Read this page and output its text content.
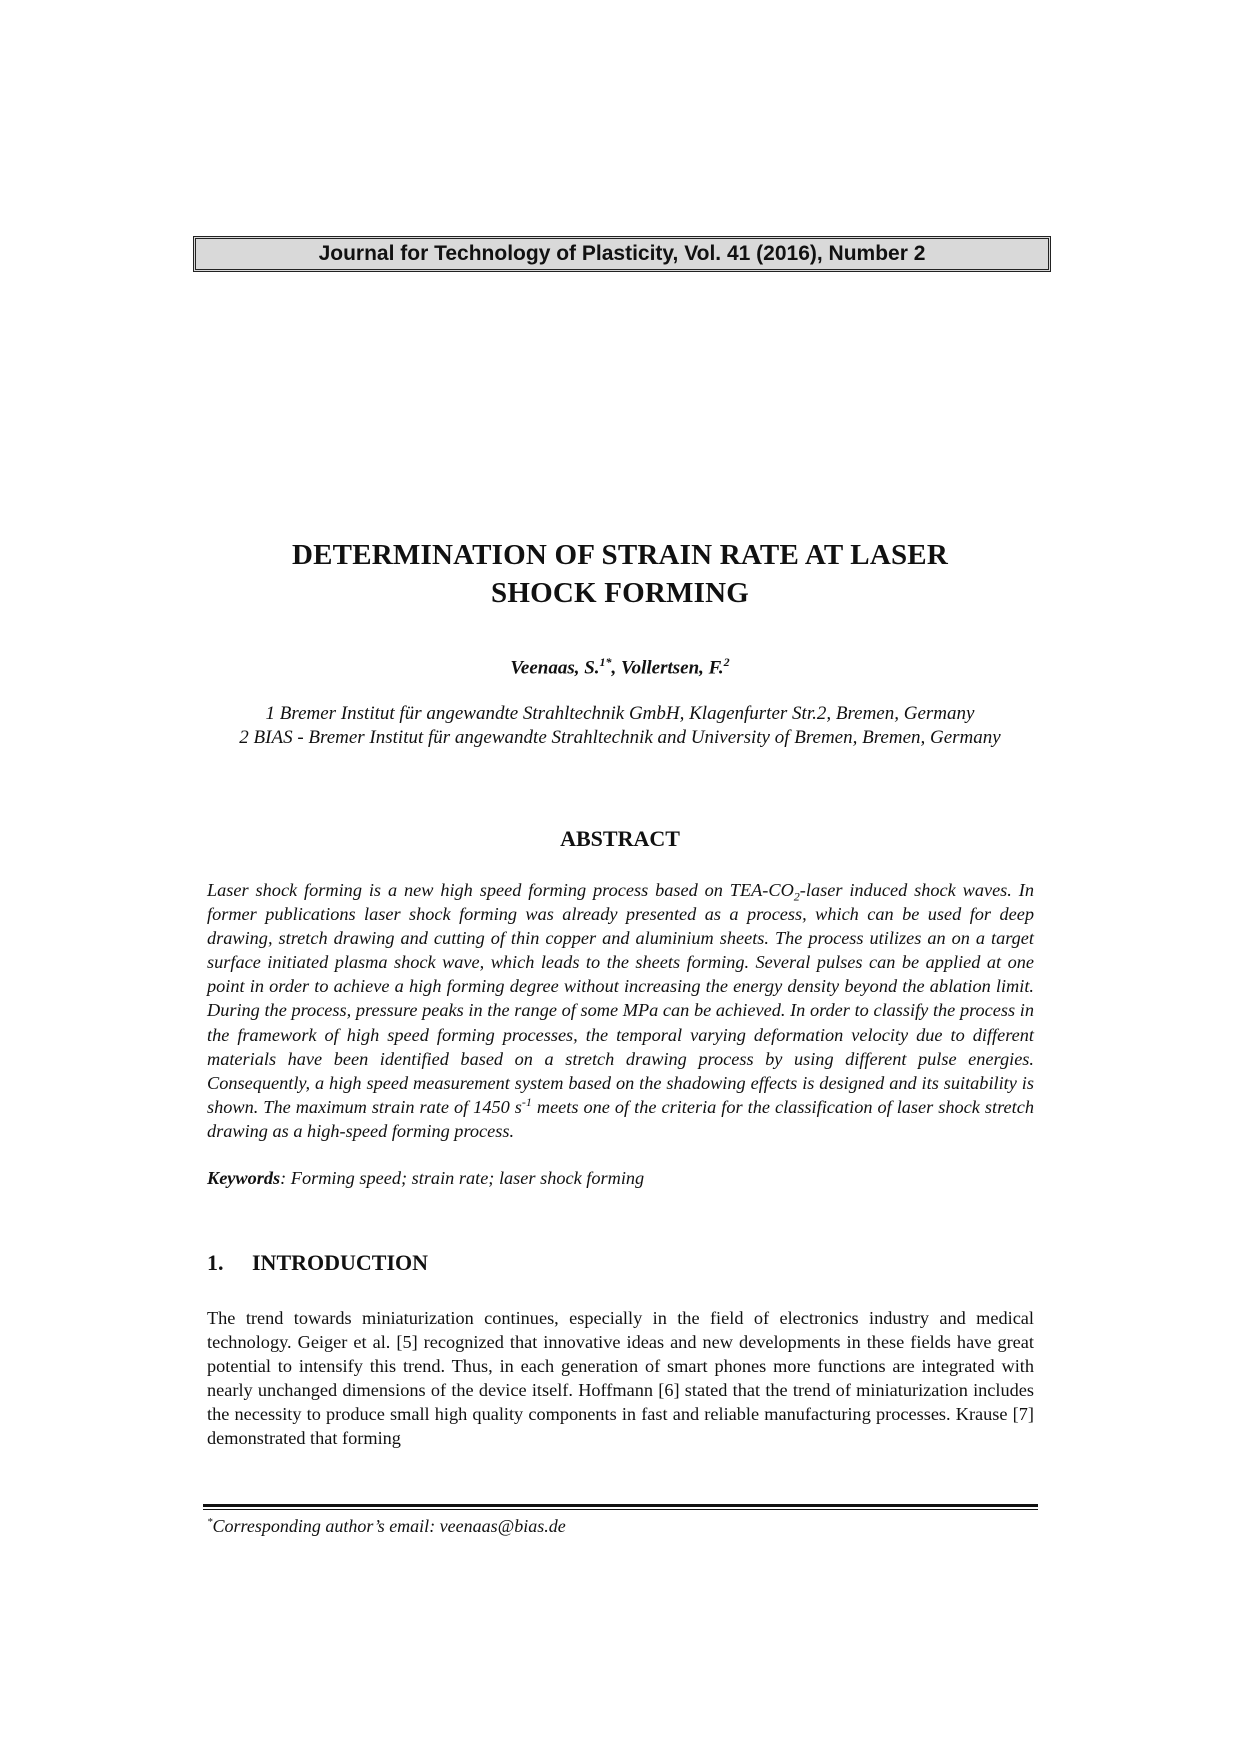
Journal for Technology of Plasticity, Vol. 41 (2016), Number 2
DETERMINATION OF STRAIN RATE AT LASER
SHOCK FORMING
Veenaas, S.$^{1*}$, Vollertsen, F.$^2$
1 Bremer Institut für angewandte Strahltechnik GmbH, Klagenfurter Str.2, Bremen, Germany
2 BIAS - Bremer Institut für angewandte Strahltechnik and University of Bremen, Bremen, Germany
ABSTRACT
Laser shock forming is a new high speed forming process based on TEA-$CO_2$-laser induced shock waves. In former publications laser shock forming was already presented as a process, which can be used for deep drawing, stretch drawing and cutting of thin copper and aluminium sheets. The process utilizes an on a target surface initiated plasma shock wave, which leads to the sheets forming. Several pulses can be applied at one point in order to achieve a high forming degree without increasing the energy density beyond the ablation limit. During the process, pressure peaks in the range of some MPa can be achieved. In order to classify the process in the framework of high speed forming processes, the temporal varying deformation velocity due to different materials have been identified based on a stretch drawing process by using different pulse energies. Consequently, a high speed measurement system based on the shadowing effects is designed and its suitability is shown. The maximum strain rate of 1450 $s^{-1}$ meets one of the criteria for the classification of laser shock stretch drawing as a high-speed forming process.
Keywords: Forming speed; strain rate; laser shock forming
1. INTRODUCTION
The trend towards miniaturization continues, especially in the field of electronics industry and medical technology. Geiger et al. [5] recognized that innovative ideas and new developments in these fields have great potential to intensify this trend. Thus, in each generation of smart phones more functions are integrated with nearly unchanged dimensions of the device itself. Hoffmann [6] stated that the trend of miniaturization includes the necessity to produce small high quality components in fast and reliable manufacturing processes. Krause [7] demonstrated that forming
*Corresponding author’s email: veenaas@bias.de
